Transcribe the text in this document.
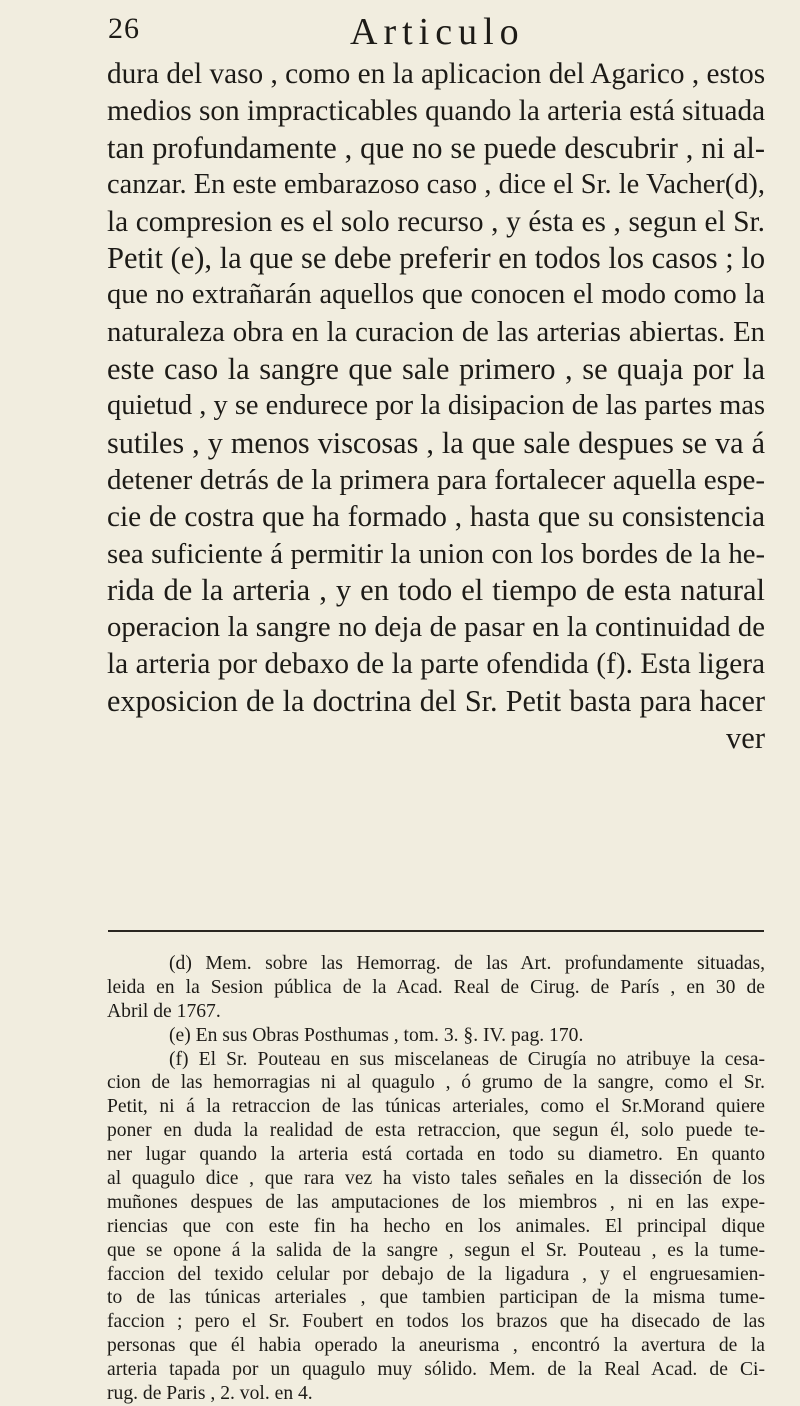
26	Articulo
dura del vaso , como en la aplicacion del Agarico , estos
medios son impracticables quando la arteria está situada
tan profundamente , que no se puede descubrir , ni al-
canzar. En este embarazoso caso , dice el Sr. le Vacher(d),
la compresion es el solo recurso , y ésta es , segun el Sr.
Petit (e), la que se debe preferir en todos los casos ; lo
que no extrañarán aquellos que conocen el modo como la
naturaleza obra en la curacion de las arterias abiertas. En
este caso la sangre que sale primero , se quaja por la
quietud , y se endurece por la disipacion de las partes mas
sutiles , y menos viscosas , la que sale despues se va á
detener detrás de la primera para fortalecer aquella espe-
cie de costra que ha formado , hasta que su consistencia
sea suficiente á permitir la union con los bordes de la he-
rida de la arteria , y en todo el tiempo de esta natural
operacion la sangre no deja de pasar en la continuidad de
la arteria por debaxo de la parte ofendida (f). Esta ligera
exposicion de la doctrina del Sr. Petit basta para hacer
ver
(d) Mem. sobre las Hemorrag. de las Art. profundamente situadas,
leida en la Sesion pública de la Acad. Real de Cirug. de París , en 30 de
Abril de 1767.
(e) En sus Obras Posthumas , tom. 3. §. IV. pag. 170.
(f) El Sr. Pouteau en sus miscelaneas de Cirugía no atribuye la cesa-
cion de las hemorragias ni al quagulo , ó grumo de la sangre, como el Sr.
Petit, ni á la retraccion de las túnicas arteriales, como el Sr.Morand quiere
poner en duda la realidad de esta retraccion, que segun él, solo puede te-
ner lugar quando la arteria está cortada en todo su diametro. En quanto
al quagulo dice , que rara vez ha visto tales señales en la disseción de los
muñones despues de las amputaciones de los miembros , ni en las expe-
riencias que con este fin ha hecho en los animales. El principal dique
que se opone á la salida de la sangre , segun el Sr. Pouteau , es la tume-
faccion del texido celular por debajo de la ligadura , y el engruesamien-
to de las túnicas arteriales , que tambien participan de la misma tume-
faccion ; pero el Sr. Foubert en todos los brazos que ha disecado de las
personas que él habia operado la aneurisma , encontró la avertura de la
arteria tapada por un quagulo muy sólido. Mem. de la Real Acad. de Ci-
rug. de Paris , 2. vol. en 4.
